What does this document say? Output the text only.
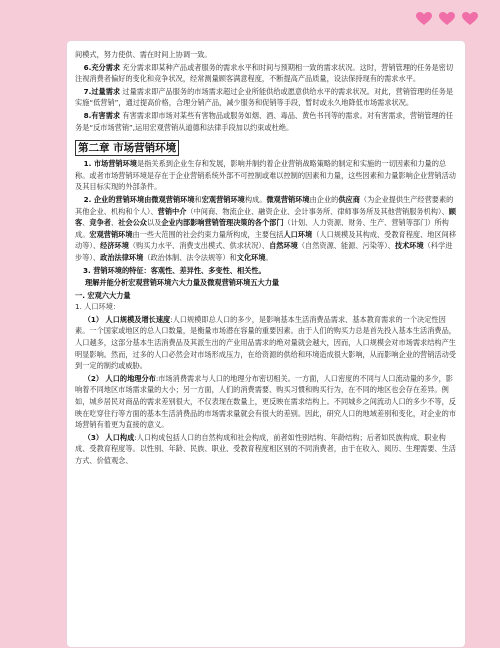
间模式，努力使供、需在时间上协调一致。

6.充分需求 充分需求即某种产品或者服务的需求水平和时间与预期相一致的需求状况。这时，营销管理的任务是密切注视消费者偏好的变化和竞争状况，经常测量顾客满意程度，不断提高产品质量，设法保持现有的需求水平。

7.过量需求 过量需求即产品服务的市场需求超过企业所能供给或愿意供给水平的需求状况。对此，营销管理的任务是实施“低营销”，通过提高价格，合理分销产品，减少服务和促销等手段，暂时或永久地降低市场需求状况。

8.有害需求 有害需求即市场对某些有害物品或服务如烟、酒、毒品、黄色书刊等的需求。对有害需求，营销管理的任务是“反市场营销”,运用宏观营销从道德和法律手段加以约束或杜绝。

第二章 市场营销环境

1. 市场营销环境是指关系到企业生存和发展，影响并制约着企业营销战略策略的制定和实施的一切因素和力量的总称。或者市场营销环境是存在于企业营销系统外部不可控制或难以控制的因素和力量，这些因素和力量影响企业营销活动及其目标实现的外部条件。

2. 企业的营销环境由微观营销环境和宏观营销环境构成。微观营销环境由企业的供应商（为企业提供生产经营要素的其他企业、机构和个人）、营销中介（中间商、物流企业、融资企业、会计事务所、律师事务所及其他营销服务机构）、顾客、竞争者、社会公众以及企业内部影响营销管理决策的各个部门（计划、人力资源、财务、生产、营销等部门）所构成。宏观营销环境由一些大范围的社会约束力量所构成，主要包括人口环境（人口规模及其构成、受教育程度、地区间移动等）、经济环境（购买力水平、消费支出模式、供求状况）、自然环境（自然资源、能源、污染等）、技术环境（科学进步等）、政治法律环境（政治体制、法令法规等）和文化环境。

3. 营销环境的特征：客观性、差异性、多变性、相关性。
理解并能分析宏观营销环境六大力量及微观营销环境五大力量
一. 宏观六大力量
1. 人口环境：

（1） 人口规模及增长速度:人口规模即总人口的多少，是影响基本生活消费品需求、基本教育需求的一个决定性因素。一个国家或地区的总人口数量，是衡量市场潜在容量的重要因素。由于人们的购买力总是首先投入基本生活消费品，人口越多，这部分基本生活消费品及其派生出的产业用品需求的绝对量就会越大，因而，人口规模会对市场需求结构产生明显影响。然而，过多的人口必然会对市场形成压力，在给资源的供给和环境造成很大影响，从而影响企业的营销活动受到一定的制约或威胁。

（2） 人口的地理分布:市场消费需求与人口的地理分布密切相关。一方面，人口密度的不同与人口流动量的多少，影响着不同地区市场需求量的大小；另一方面，人们的消费需要、购买习惯和购买行为，在不同的地区也会存在差异。例如，城乡居民对商品的需求差别很大，不仅表现在数量上，更反映在需求结构上。不同城乡之间流动人口的多少不等，反映在吃穿住行等方面的基本生活消费品的市场需求量就会有很大的差别。因此，研究人口的地域差别和变化，对企业的市场营销有着更为直接的意义。

（3） 人口构成:人口构成包括人口的自然构成和社会构成，前者如性别结构、年龄结构；后者如民族构成、职业构成、受教育程度等。以性别、年龄、民族、职业、受教育程度相区别的不同消费者，由于在收入、阅历、生理需要、生活方式、价值观念、
